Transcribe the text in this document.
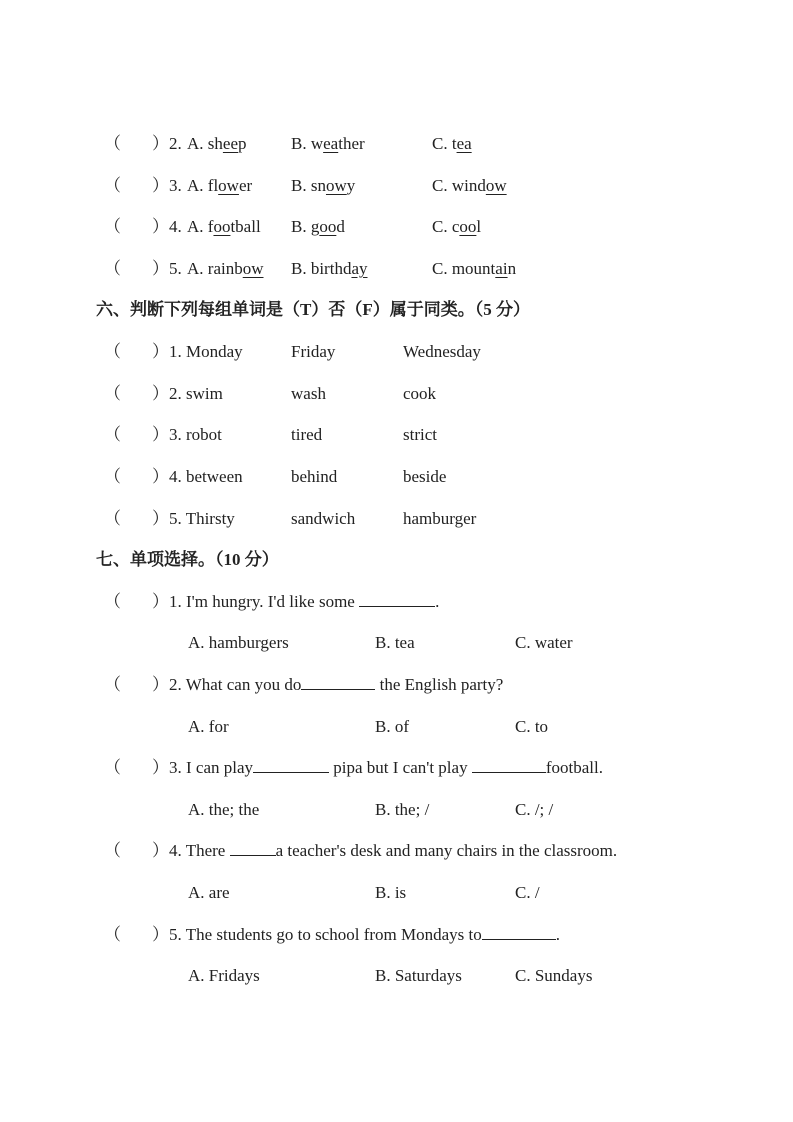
（ ）2. A. sheep	B. weather	C. tea
（ ）3. A. flower B. snowy	C. window
（ ）4. A. football B. good	C. cool
（ ）5. A. rainbow B. birthday	C. mountain
六、判断下列每组单词是（T）否（F）属于同类。（5 分）
（ ）1. Monday	Friday	Wednesday
（ ）2. swim	wash	cook
（ ）3. robot	tired	strict
（ ）4. between	behind	beside
（ ）5. Thirsty	sandwich	hamburger
七、单项选择。（10 分）
（ ）1. I'm hungry. I'd like some	.
A. hamburgers	B. tea	C. water
（ ）2. What can you do	the English party?
A. for	B. of	C. to
（ ）3. I can play	pipa but I can't play	football.
A. the; the	B. the; /	C. /; /
（ ）4. There	a teacher's desk and many chairs in the classroom.
A. are	B. is	C. /
（ ）5. The students go to school from Mondays to	.
A. Fridays	B. Saturdays	C. Sundays
